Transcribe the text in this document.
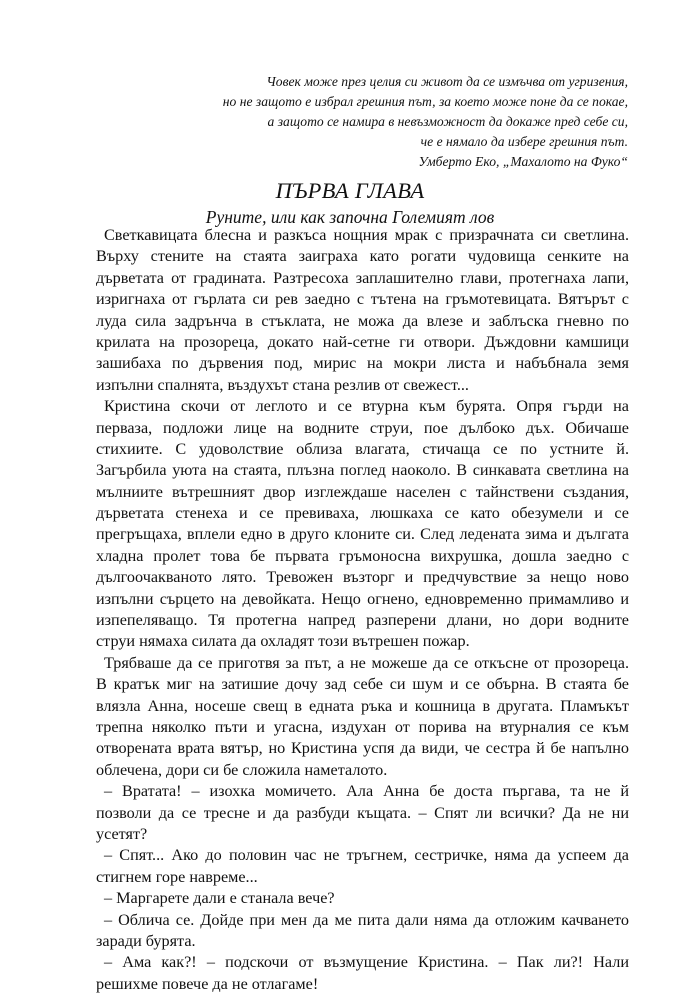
Човек може през целия си живот да се измъчва от угризения,
но не защото е избрал грешния път, за което може поне да се покае,
а защото се намира в невъзможност да докаже пред себе си,
че е нямало да избере грешния път.
Умберто Еко, „Махалото на Фуко“
ПЪРВА ГЛАВА
Руните, или как започна Големият лов
Светкавицата блесна и разкъса нощния мрак с призрачната си светлина.
Върху стените на стаята заиграха като рогати чудовища сенките на
дърветата от градината. Разтресоха заплашително глави, протегнаха лапи,
изригнаха от гърлата си рев заедно с тътена на гръмотевицата. Вятърът с
луда сила задрънча в стъклата, не можа да влезе и заблъска гневно по
крилата на прозореца, докато най-сетне ги отвори. Дъждовни камшици
зашибаха по дървения под, мирис на мокри листа и набъбнала земя
изпълни спалнята, въздухът стана резлив от свежест...
Кристина скочи от леглото и се втурна към бурята. Опря гърди на
перваза, подложи лице на водните струи, пое дълбоко дъх. Обичаше
стихиите. С удоволствие облиза влагата, стичаща се по устните й.
Загърбила уюта на стаята, плъзна поглед наоколо. В синкавата светлина на
мълниите вътрешният двор изглеждаше населен с тайнствени създания,
дърветата стенеха и се превиваха, люшкаха се като обезумели и се
прегръщаха, вплели едно в друго клоните си. След ледената зима и дългата
хладна пролет това бе първата гръмоносна вихрушка, дошла заедно с
дългоочакваното лято. Тревожен възторг и предчувствие за нещо ново
изпълни сърцето на девойката. Нещо огнено, едновременно примамливо и
изпепеляващо. Тя протегна напред разперени длани, но дори водните
струи нямаха силата да охладят този вътрешен пожар.
Трябваше да се приготвя за път, а не можеше да се откъсне от прозореца.
В кратък миг на затишие дочу зад себе си шум и се обърна. В стаята бе
влязла Анна, носеше свещ в едната ръка и кошница в другата. Пламъкът
трепна няколко пъти и угасна, издухан от порива на втурналия се към
отворената врата вятър, но Кристина успя да види, че сестра й бе напълно
облечена, дори си бе сложила наметалото.
– Вратата! – изохка момичето. Ала Анна бе доста пъргава, та не й
позволи да се тресне и да разбуди къщата. – Спят ли всички? Да не ни
усетят?
– Спят... Ако до половин час не тръгнем, сестричке, няма да успеем да
стигнем горе навреме...
– Маргарете дали е станала вече?
– Облича се. Дойде при мен да ме пита дали няма да отложим качването
заради бурята.
– Ама как?! – подскочи от възмущение Кристина. – Пак ли?! Нали
решихме повече да не отлагаме!
